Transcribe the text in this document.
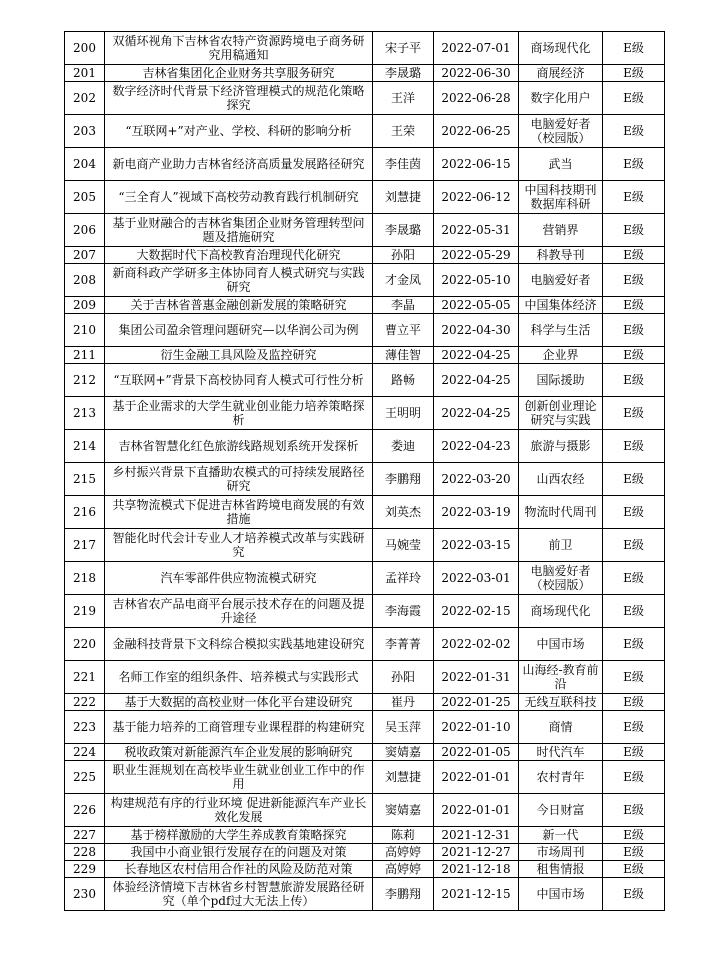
200	双循环视角下吉林省农特产资源跨境电子商务研究用稿通知	宋子平	2022-07-01	商场现代化	E级
201	吉林省集团化企业财务共享服务研究	李晟璐	2022-06-30	商展经济	E级
202	数字经济时代背景下经济管理模式的规范化策略探究	王洋	2022-06-28	数字化用户	E级
203	“互联网+”对产业、学校、科研的影响分析	王荣	2022-06-25	电脑爱好者（校园版）	E级
204	新电商产业助力吉林省经济高质量发展路径研究	李佳茵	2022-06-15	武当	E级
205	“三全育人”视域下高校劳动教育践行机制研究	刘慧捷	2022-06-12	中国科技期刊数据库科研	E级
206	基于业财融合的吉林省集团企业财务管理转型问题及措施研究	李晟璐	2022-05-31	营销界	E级
207	大数据时代下高校教育治理现代化研究	孙阳	2022-05-29	科教导刊	E级
208	新商科政产学研多主体协同育人模式研究与实践研究	才金凤	2022-05-10	电脑爱好者	E级
209	关于吉林省普惠金融创新发展的策略研究	李晶	2022-05-05	中国集体经济	E级
210	集团公司盈余管理问题研究—以华润公司为例	曹立平	2022-04-30	科学与生活	E级
211	衍生金融工具风险及监控研究	薄佳智	2022-04-25	企业界	E级
212	“互联网+”背景下高校协同育人模式可行性分析	路畅	2022-04-25	国际援助	E级
213	基于企业需求的大学生就业创业能力培养策略探析	王明明	2022-04-25	创新创业理论研究与实践	E级
214	吉林省智慧化红色旅游线路规划系统开发探析	娄迪	2022-04-23	旅游与摄影	E级
215	乡村振兴背景下直播助农模式的可持续发展路径研究	李鹏翔	2022-03-20	山西农经	E级
216	共享物流模式下促进吉林省跨境电商发展的有效措施	刘英杰	2022-03-19	物流时代周刊	E级
217	智能化时代会计专业人才培养模式改革与实践研究	马婉莹	2022-03-15	前卫	E级
218	汽车零部件供应物流模式研究	孟祥玲	2022-03-01	电脑爱好者（校园版）	E级
219	吉林省农产品电商平台展示技术存在的问题及提升途径	李海霞	2022-02-15	商场现代化	E级
220	金融科技背景下文科综合模拟实践基地建设研究	李菁菁	2022-02-02	中国市场	E级
221	名师工作室的组织条件、培养模式与实践形式	孙阳	2022-01-31	山海经-教育前沿	E级
222	基于大数据的高校业财一体化平台建设研究	崔丹	2022-01-25	无线互联科技	E级
223	基于能力培养的工商管理专业课程群的构建研究	吴玉萍	2022-01-10	商情	E级
224	税收政策对新能源汽车企业发展的影响研究	窦婧嘉	2022-01-05	时代汽车	E级
225	职业生涯规划在高校毕业生就业创业工作中的作用	刘慧捷	2022-01-01	农村青年	E级
226	构建规范有序的行业环境 促进新能源汽车产业长效化发展	窦婧嘉	2022-01-01	今日财富	E级
227	基于榜样激励的大学生养成教育策略探究	陈莉	2021-12-31	新一代	E级
228	我国中小商业银行发展存在的问题及对策	高婷婷	2021-12-27	市场周刊	E级
229	长春地区农村信用合作社的风险及防范对策	高婷婷	2021-12-18	租售情报	E级
230	体验经济情境下吉林省乡村智慧旅游发展路径研究（单个pdf过大无法上传）	李鹏翔	2021-12-15	中国市场	E级
